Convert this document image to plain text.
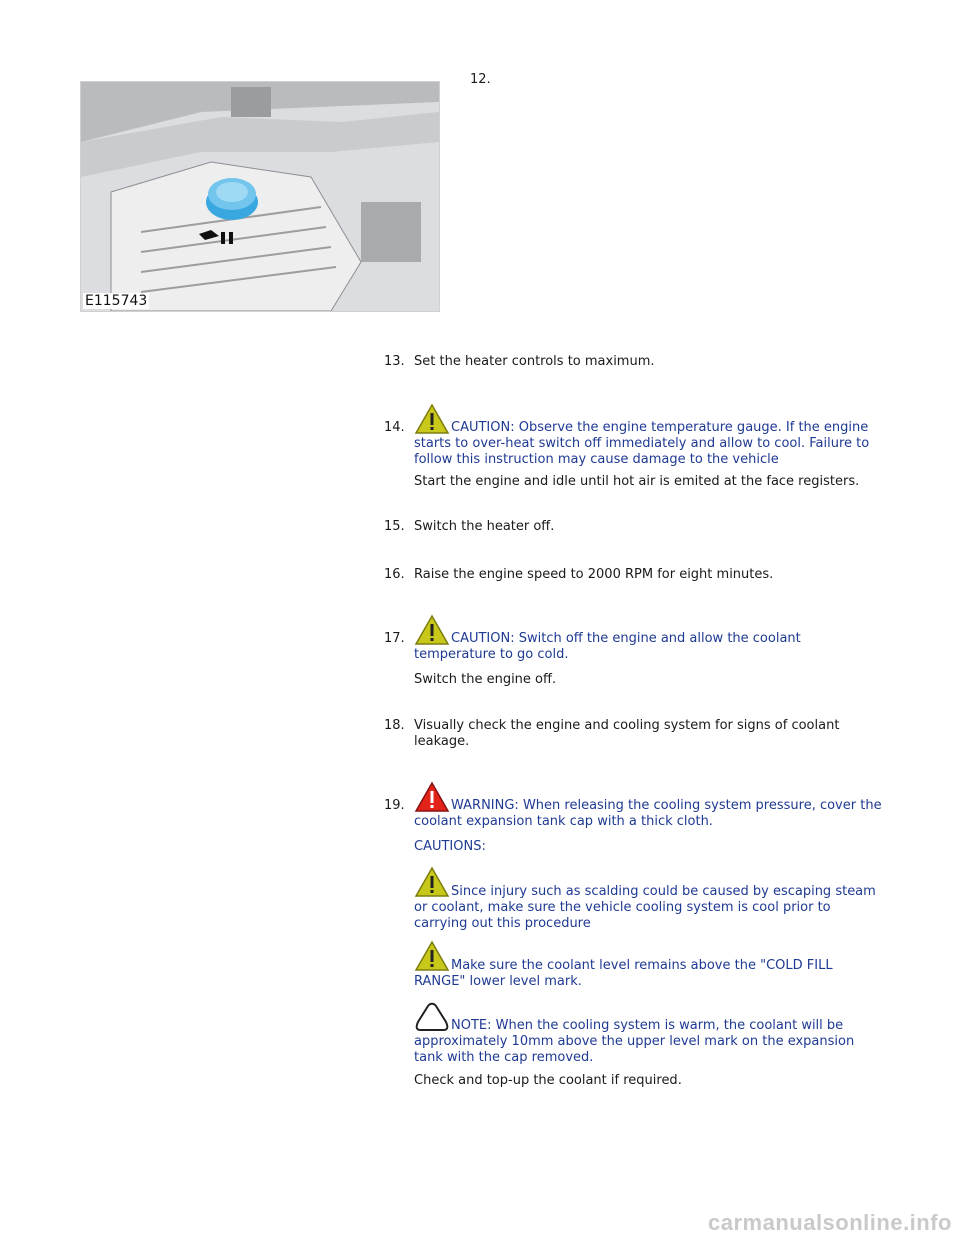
E115743
12.
13. Set the heater controls to maximum.
14.	CAUTION: Observe the engine temperature gauge. If the engine starts to over-heat switch off immediately and allow to cool. Failure to follow this instruction may cause damage to the vehicle
Start the engine and idle until hot air is emited at the face registers.
15. Switch the heater off.
16. Raise the engine speed to 2000 RPM for eight minutes.
17.	CAUTION: Switch off the engine and allow the coolant temperature to go cold.
Switch the engine off.
18. Visually check the engine and cooling system for signs of coolant leakage.
19.	WARNING: When releasing the cooling system pressure, cover the coolant expansion tank cap with a thick cloth.
CAUTIONS:
Since injury such as scalding could be caused by escaping steam or coolant, make sure the vehicle cooling system is cool prior to carrying out this procedure
Make sure the coolant level remains above the "COLD FILL RANGE" lower level mark.
NOTE: When the cooling system is warm, the coolant will be approximately 10mm above the upper level mark on the expansion tank with the cap removed.
Check and top-up the coolant if required.
carmanualsonline.info
